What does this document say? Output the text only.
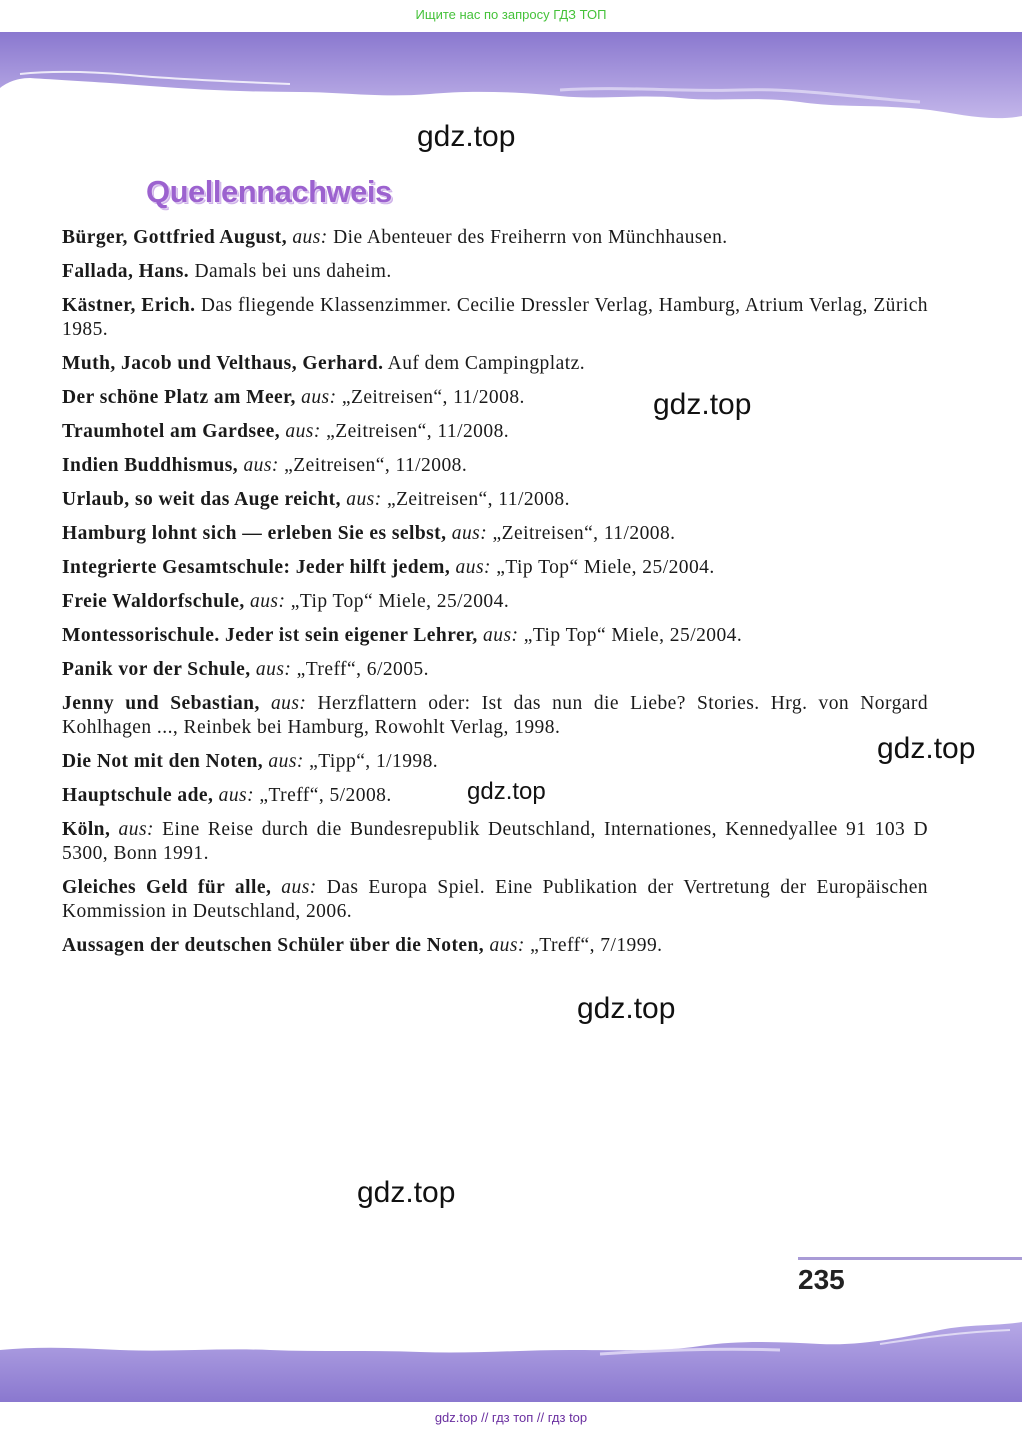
Ищите нас по запросу ГДЗ ТОП
gdz.top
Quellennachweis

Bürger, Gottfried August, aus: Die Abenteuer des Freiherrn von Münchhausen.

Fallada, Hans. Damals bei uns daheim.

Kästner, Erich. Das fliegende Klassenzimmer. Cecilie Dressler Verlag, Hamburg, Atrium Verlag, Zürich 1985.

Muth, Jacob und Velthaus, Gerhard. Auf dem Campingplatz.

Der schöne Platz am Meer, aus: „Zeitreisen“, 11/2008.

Traumhotel am Gardsee, aus: „Zeitreisen“, 11/2008.

Indien Buddhismus, aus: „Zeitreisen“, 11/2008.

Urlaub, so weit das Auge reicht, aus: „Zeitreisen“, 11/2008.

Hamburg lohnt sich — erleben Sie es selbst, aus: „Zeitreisen“, 11/2008.

Integrierte Gesamtschule: Jeder hilft jedem, aus: „Tip Top“ Miele, 25/2004.

Freie Waldorfschule, aus: „Tip Top“ Miele, 25/2004.

Montessorischule. Jeder ist sein eigener Lehrer, aus: „Tip Top“ Miele, 25/2004.

Panik vor der Schule, aus: „Treff“, 6/2005.

Jenny und Sebastian, aus: Herzflattern oder: Ist das nun die Liebe? Stories. Hrg. von Norgard Kohlhagen ..., Reinbek bei Hamburg, Rowohlt Verlag, 1998.

Die Not mit den Noten, aus: „Tipp“, 1/1998.

Hauptschule ade, aus: „Treff“, 5/2008.

Köln, aus: Eine Reise durch die Bundesrepublik Deutschland, Internationes, Kennedyallee 91 103 D 5300, Bonn 1991.

Gleiches Geld für alle, aus: Das Europa Spiel. Eine Publikation der Vertretung der Europäischen Kommission in Deutschland, 2006.

Aussagen der deutschen Schüler über die Noten, aus: „Treff“, 7/1999.

gdz.top
gdz.top
gdz.top
gdz.top
gdz.top
235
gdz.top // гдз топ // гдз top
